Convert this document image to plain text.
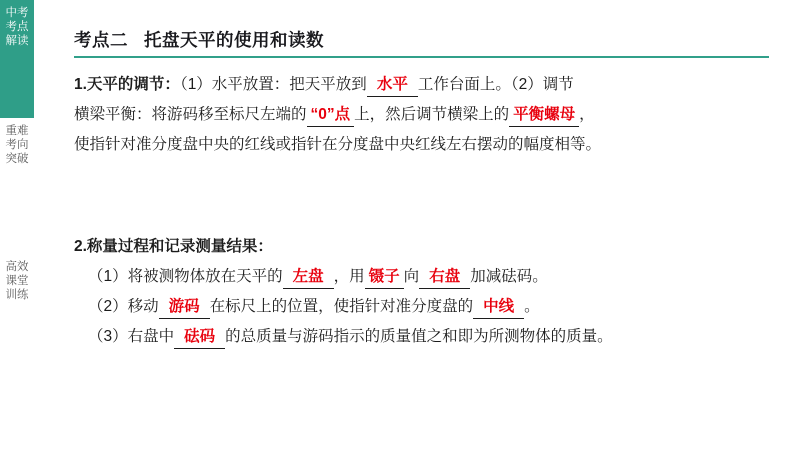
中考考点解读
重难考向突破
高效课堂训练
考点二 托盘天平的使用和读数
1.天平的调节：（1）水平放置：把天平放到 水平 工作台面上。（2）调节
横梁平衡：将游码移至标尺左端的 “0”点 上，然后调节横梁上的 平衡螺母 ，
使指针对准分度盘中央的红线或指针在分度盘中央红线左右摆动的幅度相等。
2.称量过程和记录测量结果：
（1）将被测物体放在天平的 左盘 ，用 镊子 向 右盘 加减砝码。
（2）移动 游码 在标尺上的位置，使指针对准分度盘的 中线 。
（3）右盘中 砝码 的总质量与游码指示的质量值之和即为所测物体的质量。
